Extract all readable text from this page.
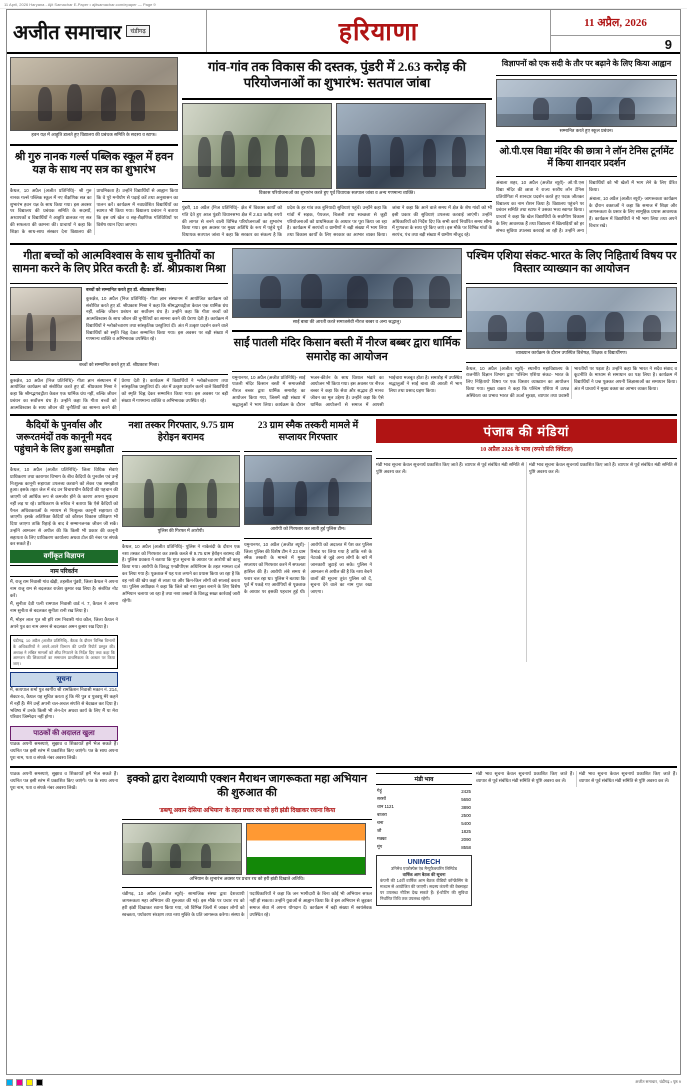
11 April, 2026 Haryana - Ajit Samachar E-Paper • ajitsamachar.com/epaper — Page 9
अजीत समाचार	चंडीगढ़	हरियाणा	11 अप्रैल, 2026
9
हवन यज्ञ में आहुति डालते हुए विद्यालय की प्रबंधक समिति के सदस्य व स्टाफ।
श्री गुरु नानक गर्ल्स पब्लिक स्कूल में हवन यज्ञ के साथ नए सत्र का शुभारंभ

कैथल, 10 अप्रैल (अजीत प्रतिनिधि)- श्री गुरु नानक गर्ल्स पब्लिक स्कूल में नए शैक्षणिक सत्र का शुभारंभ हवन यज्ञ के साथ किया गया। इस अवसर पर विद्यालय की प्रबंधक समिति के सदस्यों, अध्यापकों व विद्यार्थियों ने आहुति डालकर नए सत्र की सफलता की कामना की। प्राचार्या ने कहा कि शिक्षा के साथ-साथ संस्कार देना विद्यालय की प्राथमिकता है। उन्होंने विद्यार्थियों से आह्वान किया कि वे पूरे मनोयोग से पढ़ाई करें तथा अनुशासन का पालन करें। कार्यक्रम में नवप्रवेशित विद्यार्थियों का स्वागत भी किया गया। विद्यालय प्रबंधन ने बताया कि इस वर्ष खेल व सह-शैक्षणिक गतिविधियों पर विशेष ध्यान दिया जाएगा।

गांव-गांव तक विकास की दस्तक, पुंडरी में 2.63 करोड़ की परियोजनाओं का शुभारंभ: सतपाल जांबा
विकास परियोजनाओं का शुभारंभ करते हुए पूर्व विधायक सतपाल जांबा व अन्य गणमान्य व्यक्ति।

पुंडरी, 10 अप्रैल (निज प्रतिनिधि)- क्षेत्र में विकास कार्यों को गति देते हुए आज पुंडरी विधानसभा क्षेत्र में 2.63 करोड़ रुपये की लागत से बनने वाली विभिन्न परियोजनाओं का शुभारंभ किया गया। इस अवसर पर मुख्य अतिथि के रूप में पहुंचे पूर्व विधायक सतपाल जांबा ने कहा कि सरकार का संकल्प है कि प्रदेश के हर गांव तक बुनियादी सुविधाएं पहुंचें। उन्होंने कहा कि गांवों में सड़क, पेयजल, बिजली तथा स्वच्छता से जुड़ी परियोजनाओं को प्राथमिकता के आधार पर पूरा किया जा रहा है। कार्यक्रम में सरपंचों व ग्रामीणों ने बड़ी संख्या में भाग लिया तथा विकास कार्यों के लिए सरकार का आभार व्यक्त किया। जांबा ने कहा कि आने वाले समय में क्षेत्र के शेष गांवों को भी इसी प्रकार की सुविधाएं उपलब्ध करवाई जाएंगी। उन्होंने अधिकारियों को निर्देश दिए कि सभी कार्य निर्धारित समय सीमा में गुणवत्ता के साथ पूरे किए जाएं। इस मौके पर विभिन्न गांवों के सरपंच, पंच तथा बड़ी संख्या में ग्रामीण मौजूद रहे।

विज्ञापनों को एक सदी के तौर पर बढ़ाने के लिए किया आह्वान
सम्मानित करते हुए स्कूल प्रबंधन।
ओ.पी.एस विद्या मंदिर की छात्रा ने लॉन टेनिस टूर्नामेंट में किया शानदार प्रदर्शन

अंबाला शहर, 10 अप्रैल (अजीत ब्यूरो)- ओ.पी.एस विद्या मंदिर की छात्रा ने राज्य स्तरीय लॉन टेनिस प्रतियोगिता में शानदार प्रदर्शन करते हुए पदक जीतकर विद्यालय का नाम रोशन किया है। विद्यालय पहुंचने पर प्रबंधन समिति तथा स्टाफ ने उसका भव्य स्वागत किया। प्राचार्य ने कहा कि खेल विद्यार्थियों के सर्वांगीण विकास के लिए आवश्यक हैं तथा विद्यालय में खिलाड़ियों को हर संभव सुविधा उपलब्ध करवाई जा रही है। उन्होंने अन्य विद्यार्थियों को भी खेलों में भाग लेने के लिए प्रेरित किया।

अंबाला, 10 अप्रैल (अजीत ब्यूरो)- जागरूकता कार्यक्रम के दौरान वक्ताओं ने कहा कि समाज में शिक्षा और जागरूकता के प्रसार के लिए सामूहिक प्रयास आवश्यक हैं। कार्यक्रम में विद्यार्थियों ने भी भाग लिया तथा अपने विचार रखे।

गीता बच्चों को आत्मविश्वास के साथ चुनौतियों का सामना करने के लिए प्रेरित करती है: डॉ. श्रीप्रकाश मिश्रा
बच्चों को सम्मानित करते हुए डॉ. श्रीप्रकाश मिश्रा।

कुरुक्षेत्र, 10 अप्रैल (निज प्रतिनिधि)- गीता ज्ञान संस्थानम में आयोजित कार्यक्रम को संबोधित करते हुए डॉ. श्रीप्रकाश मिश्रा ने कहा कि श्रीमद्भगवद्गीता केवल एक धार्मिक ग्रंथ नहीं, बल्कि जीवन प्रबंधन का सर्वोत्तम ग्रंथ है। उन्होंने कहा कि गीता बच्चों को आत्मविश्वास के साथ जीवन की चुनौतियों का सामना करने की प्रेरणा देती है। कार्यक्रम में विद्यार्थियों ने श्लोकोच्चारण तथा सांस्कृतिक प्रस्तुतियां दीं। अंत में उत्कृष्ट प्रदर्शन करने वाले विद्यार्थियों को स्मृति चिह्न देकर सम्मानित किया गया। इस अवसर पर बड़ी संख्या में गणमान्य व्यक्ति व अभिभावक उपस्थित रहे।

बच्चों को सम्मानित करते हुए डॉ. श्रीप्रकाश मिश्रा।

कुरुक्षेत्र, 10 अप्रैल (निज प्रतिनिधि)- गीता ज्ञान संस्थानम में आयोजित कार्यक्रम को संबोधित करते हुए डॉ. श्रीप्रकाश मिश्रा ने कहा कि श्रीमद्भगवद्गीता केवल एक धार्मिक ग्रंथ नहीं, बल्कि जीवन प्रबंधन का सर्वोत्तम ग्रंथ है। उन्होंने कहा कि गीता बच्चों को आत्मविश्वास के साथ जीवन की चुनौतियों का सामना करने की प्रेरणा देती है। कार्यक्रम में विद्यार्थियों ने श्लोकोच्चारण तथा सांस्कृतिक प्रस्तुतियां दीं। अंत में उत्कृष्ट प्रदर्शन करने वाले विद्यार्थियों को स्मृति चिह्न देकर सम्मानित किया गया। इस अवसर पर बड़ी संख्या में गणमान्य व्यक्ति व अभिभावक उपस्थित रहे।

साईं बाबा की आरती करते समाजसेवी नीरज बब्बर व अन्य श्रद्धालु।
साईं पातली मंदिर किसान बस्ती में नीरज बब्बर द्वारा धार्मिक समारोह का आयोजन

यमुनानगर, 10 अप्रैल (अजीत प्रतिनिधि)- साईं पातली मंदिर किसान बस्ती में समाजसेवी नीरज बब्बर द्वारा धार्मिक समारोह का आयोजन किया गया, जिसमें बड़ी संख्या में श्रद्धालुओं ने भाग लिया। कार्यक्रम के दौरान भजन-कीर्तन के साथ विशाल भंडारे का आयोजन भी किया गया। इस अवसर पर नीरज बब्बर ने कहा कि सेवा और सद्भाव ही मानव जीवन का मूल उद्देश्य है। उन्होंने कहा कि ऐसे धार्मिक आयोजनों से समाज में आपसी भाईचारा मजबूत होता है। समारोह में उपस्थित श्रद्धालुओं ने साईं बाबा की आरती में भाग लिया तथा प्रसाद ग्रहण किया।

पश्चिम एशिया संकट-भारत के लिए निहितार्थ विषय पर विस्तार व्याख्यान का आयोजन
व्याख्यान कार्यक्रम के दौरान उपस्थित विशेषज्ञ, शिक्षक व विद्यार्थीगण।

कैथल, 10 अप्रैल (अजीत ब्यूरो)- स्थानीय महाविद्यालय के राजनीति विज्ञान विभाग द्वारा 'पश्चिम एशिया संकट- भारत के लिए निहितार्थ' विषय पर एक विस्तार व्याख्यान का आयोजन किया गया। मुख्य वक्ता ने कहा कि पश्चिम एशिया में उत्पन्न अस्थिरता का प्रभाव भारत की ऊर्जा सुरक्षा, व्यापार तथा प्रवासी भारतीयों पर पड़ता है। उन्होंने कहा कि भारत ने सदैव संवाद व कूटनीति के माध्यम से समाधान का पक्ष लिया है। कार्यक्रम में विद्यार्थियों ने प्रश्न पूछकर अपनी जिज्ञासाओं का समाधान किया। अंत में प्राचार्य ने मुख्य वक्ता का आभार व्यक्त किया।

कैदियों के पुनर्वास और जरूरतमंदों तक कानूनी मदद पहुंचाने के लिए हुआ समझौता

कैथल, 10 अप्रैल (अजीत प्रतिनिधि)- जिला विधिक सेवाएं प्राधिकरण तथा कारागार विभाग के बीच कैदियों के पुनर्वास एवं उन्हें निःशुल्क कानूनी सहायता उपलब्ध करवाने को लेकर एक समझौता हुआ। इसके तहत जेल में बंद उन विचाराधीन कैदियों की पहचान की जाएगी जो आर्थिक रूप से कमजोर होने के कारण अपना मुकदमा नहीं लड़ पा रहे। प्राधिकरण के सचिव ने बताया कि ऐसे कैदियों को पैनल अधिवक्ताओं के माध्यम से निःशुल्क कानूनी सहायता दी जाएगी। इसके अतिरिक्त कैदियों को कौशल विकास प्रशिक्षण भी दिया जाएगा ताकि रिहाई के बाद वे सम्मानजनक जीवन जी सकें। उन्होंने आमजन से अपील की कि किसी भी प्रकार की कानूनी सहायता के लिए प्राधिकरण कार्यालय अथवा टोल फ्री नंबर पर संपर्क कर सकते हैं।

वर्गीकृत विज्ञापन
नाम परिवर्तन

मैं, राजू राम निवासी गांव खेड़ी, तहसील पुंडरी, जिला कैथल ने अपना नाम राजू राम से बदलकर राजेश कुमार रख लिया है। संबंधित नोट करें।

मैं, सुनीता देवी पत्नी रामपाल निवासी वार्ड नं. 7, कैथल ने अपना नाम सुनीता से बदलकर सुनीता रानी रख लिया है।

मैं, मोहन लाल पुत्र श्री हरि राम निवासी गांव कौल, जिला कैथल ने अपने पुत्र का नाम अमन से बदलकर अमन कुमार रख दिया है।

चंडीगढ़, 10 अप्रैल (अजीत प्रतिनिधि)- बैठक के दौरान विभिन्न विभागों के अधिकारियों ने अपने-अपने विभाग की प्रगति रिपोर्ट प्रस्तुत की। अध्यक्ष ने लंबित मामलों को शीघ्र निपटाने के निर्देश दिए तथा कहा कि आमजन की शिकायतों का समाधान प्राथमिकता के आधार पर किया जाए।
सूचना

मैं, सत्यपाल शर्मा पुत्र स्वर्गीय श्री रामकिशन निवासी मकान नं. 214, सेक्टर-5, कैथल यह सूचित करता हूं कि मेरे पुत्र व पुत्रवधू मेरे कहने में नहीं हैं। मैंने उन्हें अपनी चल-अचल संपत्ति से बेदखल कर दिया है। भविष्य में उनके किसी भी लेन-देन अथवा कार्य के लिए मैं या मेरा परिवार जिम्मेदार नहीं होगा।

पाठकों की अदालत खुला

पाठक अपनी समस्याएं, सुझाव व शिकायतें हमें भेज सकते हैं। चयनित पत्र इसी स्तंभ में प्रकाशित किए जाएंगे। पत्र के साथ अपना पूरा नाम, पता व संपर्क नंबर अवश्य लिखें।

नशा तस्कर गिरफ्तार, 9.75 ग्राम हेरोइन बरामद
पुलिस की गिरफ्त में आरोपी।

कैथल, 10 अप्रैल (अजीत प्रतिनिधि)- पुलिस ने नाकेबंदी के दौरान एक नशा तस्कर को गिरफ्तार कर उसके कब्जे से 9.75 ग्राम हेरोइन बरामद की है। पुलिस प्रवक्ता ने बताया कि गुप्त सूचना के आधार पर आरोपी को काबू किया गया। आरोपी के विरुद्ध एनडीपीएस अधिनियम के तहत मामला दर्ज कर लिया गया है। पूछताछ में यह पता लगाने का प्रयास किया जा रहा है कि वह नशे की खेप कहां से लाता था और किन-किन लोगों को सप्लाई करता था। पुलिस अधीक्षक ने कहा कि जिले को नशा मुक्त बनाने के लिए विशेष अभियान चलाया जा रहा है तथा नशा तस्करों के विरुद्ध सख्त कार्रवाई जारी रहेगी।

23 ग्राम स्मैक तस्करी मामले में सप्लायर गिरफ्तार
आरोपी को गिरफ्तार कर लाती हुई पुलिस टीम।

यमुनानगर, 10 अप्रैल (अजीत ब्यूरो)- जिला पुलिस की विशेष टीम ने 23 ग्राम स्मैक तस्करी के मामले में मुख्य सप्लायर को गिरफ्तार करने में सफलता हासिल की है। आरोपी लंबे समय से फरार चल रहा था। पुलिस ने बताया कि पूर्व में पकड़े गए आरोपियों से पूछताछ के आधार पर इसकी पहचान हुई थी। आरोपी को अदालत में पेश कर पुलिस रिमांड पर लिया गया है ताकि नशे के नेटवर्क से जुड़े अन्य लोगों के बारे में जानकारी जुटाई जा सके। पुलिस ने आमजन से अपील की है कि नशा बेचने वालों की सूचना तुरंत पुलिस को दें, सूचना देने वाले का नाम गुप्त रखा जाएगा।

पंजाब की मंडियां
10 अप्रैल 2026 के भाव (रुपये प्रति क्विंटल)

मंडी भाव सूचना केवल सूचनार्थ प्रकाशित किए जाते हैं। व्यापार से पूर्व संबंधित मंडी समिति से पुष्टि अवश्य कर लें।

मंडी भाव सूचना केवल सूचनार्थ प्रकाशित किए जाते हैं। व्यापार से पूर्व संबंधित मंडी समिति से पुष्टि अवश्य कर लें।

पाठक अपनी समस्याएं, सुझाव व शिकायतें हमें भेज सकते हैं। चयनित पत्र इसी स्तंभ में प्रकाशित किए जाएंगे। पत्र के साथ अपना पूरा नाम, पता व संपर्क नंबर अवश्य लिखें।

इक्को द्वारा देशव्यापी एक्शन मैराथन जागरूकता महा अभियान की शुरुआत की
'डब्ल्यू अवाम देसिया अभियान' के तहत प्रचार रथ को हरी झंडी दिखाकर रवाना किया
अभियान के शुभारंभ अवसर पर प्रचार रथ को हरी झंडी दिखाते अतिथि।

चंडीगढ़, 10 अप्रैल (अजीत ब्यूरो)- सामाजिक संस्था द्वारा देशव्यापी जागरूकता महा अभियान की शुरुआत की गई। इस मौके पर प्रचार रथ को हरी झंडी दिखाकर रवाना किया गया, जो विभिन्न जिलों में जाकर लोगों को स्वच्छता, पर्यावरण संरक्षण तथा नशा मुक्ति के प्रति जागरूक करेगा। संस्था के पदाधिकारियों ने कहा कि जन भागीदारी के बिना कोई भी अभियान सफल नहीं हो सकता। उन्होंने युवाओं से आह्वान किया कि वे इस अभियान से जुड़कर समाज सेवा में अपना योगदान दें। कार्यक्रम में बड़ी संख्या में स्वयंसेवक उपस्थित रहे।

मंडी भाव
गेहूं	2425
सरसों	5650
धान 1121	3890
बाजरा	2500
चना	5400
जौ	1825
मक्का	2090
मूंग	8558
UNIMECH
उनिमेच एयरोस्पेस एंड मैन्युफैक्चरिंग लिमिटेड
वार्षिक आम बैठक की सूचना
कंपनी की 14वीं वार्षिक आम बैठक वीडियो कॉन्फ्रेंसिंग के माध्यम से आयोजित की जाएगी। सदस्य कंपनी की वेबसाइट पर उपलब्ध नोटिस देख सकते हैं। ई-वोटिंग की सुविधा निर्धारित तिथि तक उपलब्ध रहेगी।

मंडी भाव सूचना केवल सूचनार्थ प्रकाशित किए जाते हैं। व्यापार से पूर्व संबंधित मंडी समिति से पुष्टि अवश्य कर लें।

मंडी भाव सूचना केवल सूचनार्थ प्रकाशित किए जाते हैं। व्यापार से पूर्व संबंधित मंडी समिति से पुष्टि अवश्य कर लें।

अजीत समाचार, चंडीगढ़ • पृष्ठ 9
